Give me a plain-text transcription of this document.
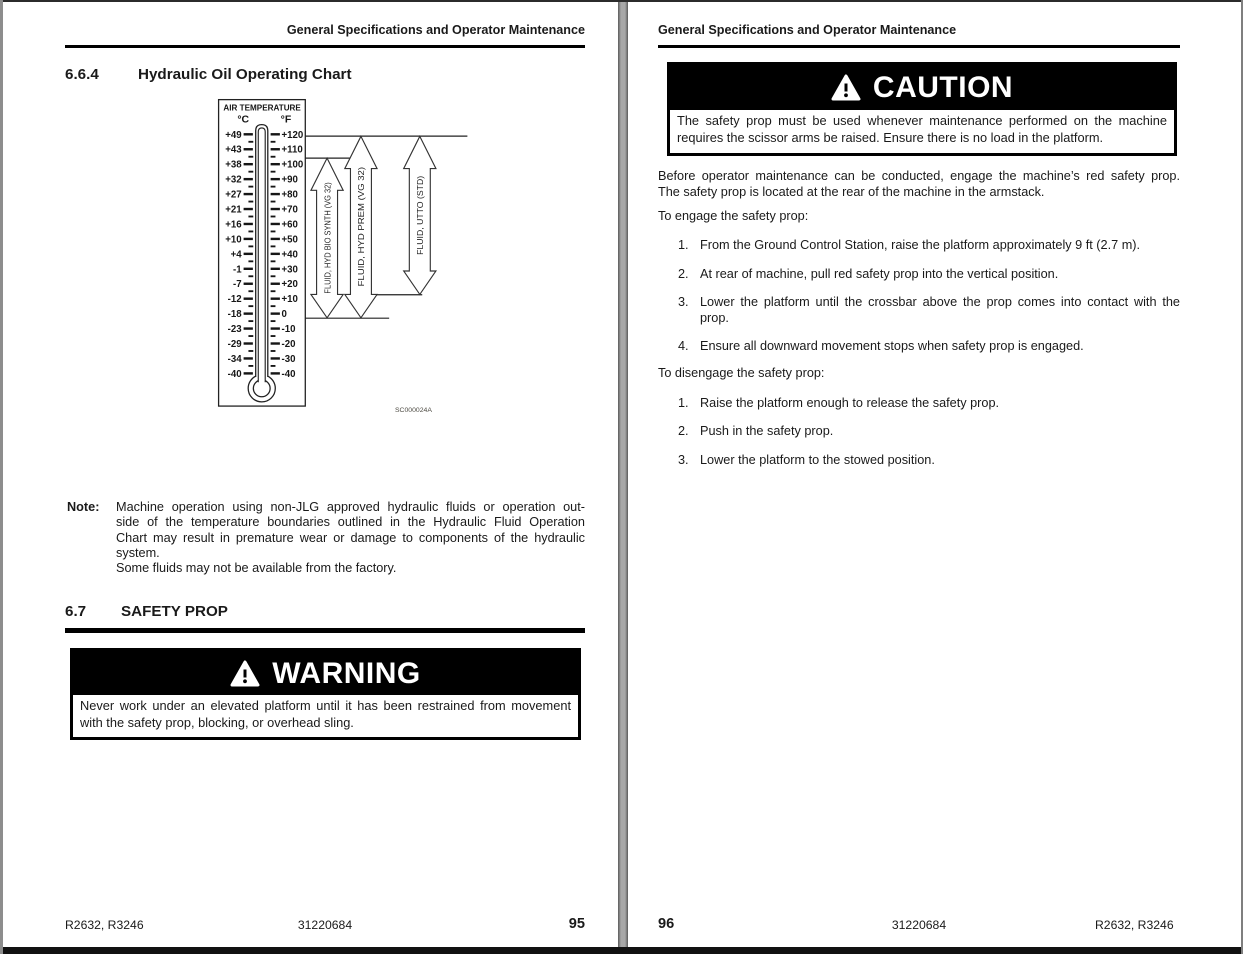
General Specifications and Operator Maintenance
6.6.4	Hydraulic Oil Operating Chart
AIR TEMPERATURE
°C °F
+49	+120
+43	+110
+38	+100
+32	+90
+27	+80
+21	+70
+16	+60
+10	+50
+4	+40
-1	+30
-7	+20
-12	+10
-18	0
-23	-10
-29	-20
-34	-30
-40	-40
FLUID, HYD BIO SYNTH (VG 32) FLUID, HYD PREM (VG 32)	FLUID, UTTO (STD)
SC000024A
Note: Machine operation using non-JLG approved hydraulic fluids or operation out-
side of the temperature boundaries outlined in the Hydraulic Fluid Operation
Chart may result in premature wear or damage to components of the hydraulic
system.
Some fluids may not be available from the factory.
6.7 SAFETY PROP
WARNING
Never work under an elevated platform until it has been restrained from movement
with the safety prop, blocking, or overhead sling.
R2632, R3246	31220684	95
General Specifications and Operator Maintenance
CAUTION
The safety prop must be used whenever maintenance performed on the machine
requires the scissor arms be raised. Ensure there is no load in the platform.
Before operator maintenance can be conducted, engage the machine’s red safety prop.
The safety prop is located at the rear of the machine in the armstack.
To engage the safety prop:
1. From the Ground Control Station, raise the platform approximately 9 ft (2.7 m).
2. At rear of machine, pull red safety prop into the vertical position.
3. Lower the platform until the crossbar above the prop comes into contact with the prop.
4. Ensure all downward movement stops when safety prop is engaged.
To disengage the safety prop:
1. Raise the platform enough to release the safety prop.
2. Push in the safety prop.
3. Lower the platform to the stowed position.
96	31220684	R2632, R3246
